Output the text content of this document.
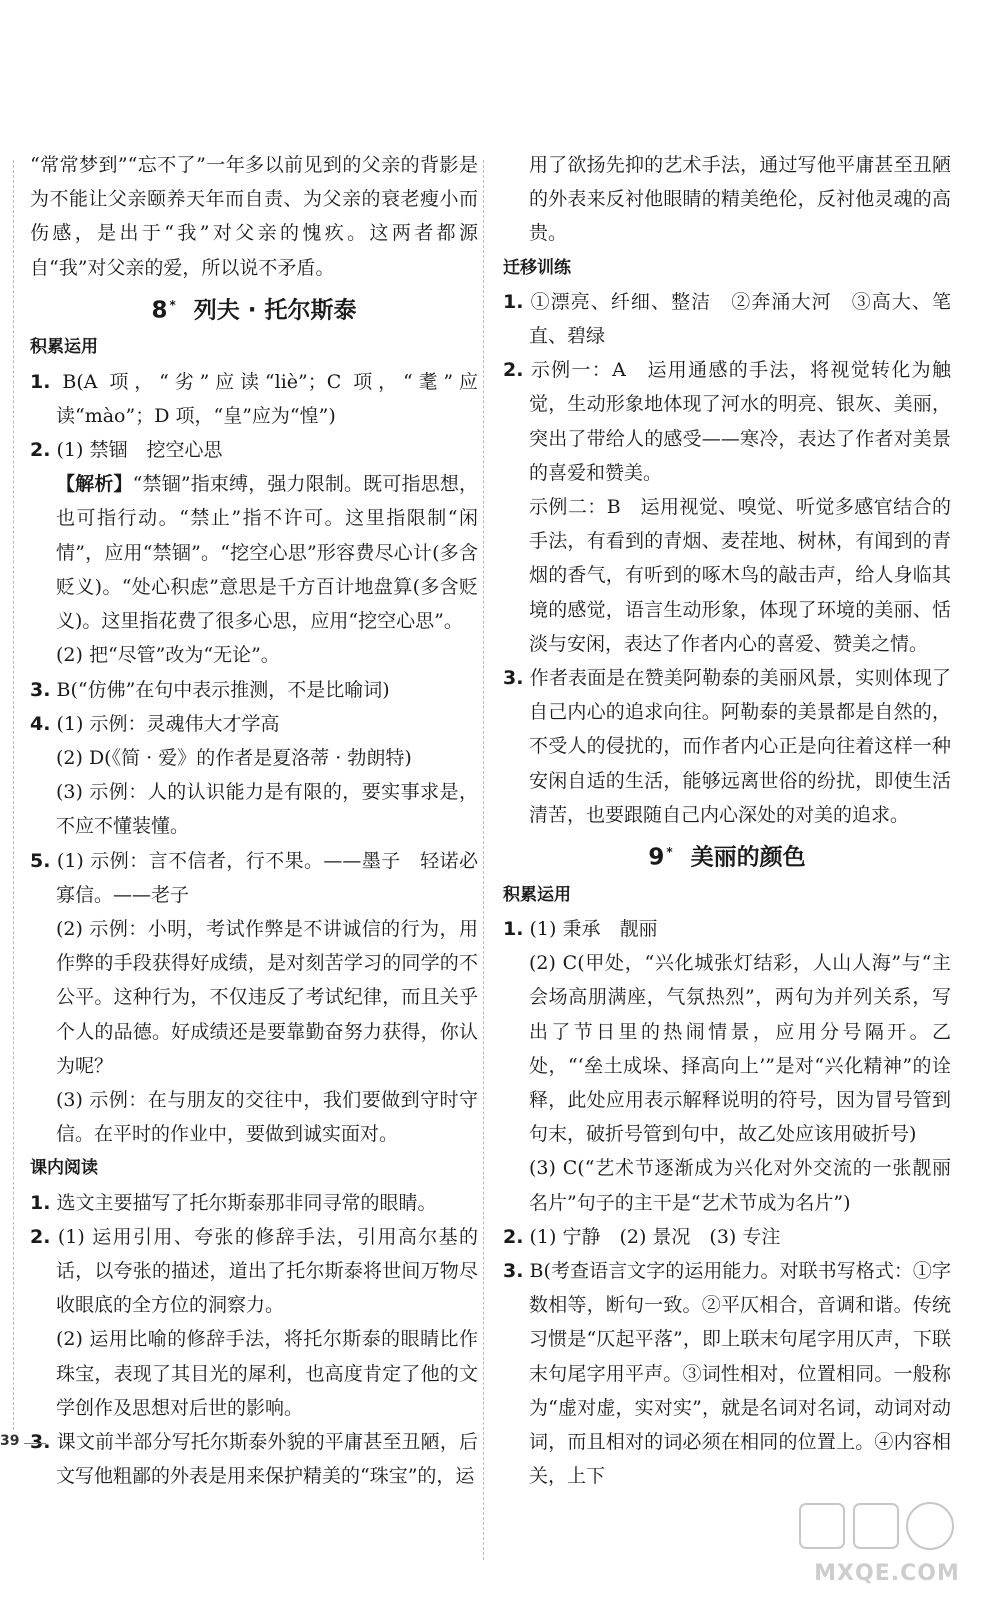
“常常梦到”“忘不了”一年多以前见到的父亲的背影是为不能让父亲颐养天年而自责、为父亲的衰老瘦小而伤感，是出于“我”对父亲的愧疚。这两者都源自“我”对父亲的爱，所以说不矛盾。

8 * 列夫 · 托尔斯泰
积累运用

1. B(A 项，“劣”应读“liè”；C 项，“耄”应读“mào”；D 项，“皇”应为“惶”)

2. (1) 禁锢　挖空心思

【解析】“禁锢”指束缚，强力限制。既可指思想，也可指行动。“禁止”指不许可。这里指限制“闲情”，应用“禁锢”。“挖空心思”形容费尽心计(多含贬义)。“处心积虑”意思是千方百计地盘算(多含贬义)。这里指花费了很多心思，应用“挖空心思”。

(2) 把“尽管”改为“无论”。

3. B(“仿佛”在句中表示推测，不是比喻词)

4. (1) 示例：灵魂伟大才学高

(2) D(《简 · 爱》的作者是夏洛蒂 · 勃朗特)

(3) 示例：人的认识能力是有限的，要实事求是，不应不懂装懂。

5. (1) 示例：言不信者，行不果。——墨子　轻诺必寡信。——老子

(2) 示例：小明，考试作弊是不讲诚信的行为，用作弊的手段获得好成绩，是对刻苦学习的同学的不公平。这种行为，不仅违反了考试纪律，而且关乎个人的品德。好成绩还是要靠勤奋努力获得，你认为呢？

(3) 示例：在与朋友的交往中，我们要做到守时守信。在平时的作业中，要做到诚实面对。

课内阅读

1. 选文主要描写了托尔斯泰那非同寻常的眼睛。

2. (1) 运用引用、夸张的修辞手法，引用高尔基的话，以夸张的描述，道出了托尔斯泰将世间万物尽收眼底的全方位的洞察力。

(2) 运用比喻的修辞手法，将托尔斯泰的眼睛比作珠宝，表现了其目光的犀利，也高度肯定了他的文学创作及思想对后世的影响。

3. 课文前半部分写托尔斯泰外貌的平庸甚至丑陋，后文写他粗鄙的外表是用来保护精美的“珠宝”的，运

用了欲扬先抑的艺术手法，通过写他平庸甚至丑陋的外表来反衬他眼睛的精美绝伦，反衬他灵魂的高贵。

迁移训练

1. ①漂亮、纤细、整洁　②奔涌大河　③高大、笔直、碧绿

2. 示例一：A　运用通感的手法，将视觉转化为触觉，生动形象地体现了河水的明亮、银灰、美丽，突出了带给人的感受——寒冷，表达了作者对美景的喜爱和赞美。

示例二：B　运用视觉、嗅觉、听觉多感官结合的手法，有看到的青烟、麦茬地、树林，有闻到的青烟的香气，有听到的啄木鸟的敲击声，给人身临其境的感觉，语言生动形象，体现了环境的美丽、恬淡与安闲，表达了作者内心的喜爱、赞美之情。

3. 作者表面是在赞美阿勒泰的美丽风景，实则体现了自己内心的追求向往。阿勒泰的美景都是自然的，不受人的侵扰的，而作者内心正是向往着这样一种安闲自适的生活，能够远离世俗的纷扰，即使生活清苦，也要跟随自己内心深处的对美的追求。

9 * 美丽的颜色
积累运用

1. (1) 秉承　靓丽

(2) C(甲处，“兴化城张灯结彩，人山人海”与“主会场高朋满座，气氛热烈”，两句为并列关系，写出了节日里的热闹情景，应用分号隔开。乙处，“‘垒土成垛、择高向上’”是对“兴化精神”的诠释，此处应用表示解释说明的符号，因为冒号管到句末，破折号管到句中，故乙处应该用破折号)

(3) C(“艺术节逐渐成为兴化对外交流的一张靓丽名片”句子的主干是“艺术节成为名片”)

2. (1) 宁静　(2) 景况　(3) 专注

3. B(考查语言文字的运用能力。对联书写格式：①字数相等，断句一致。②平仄相合，音调和谐。传统习惯是“仄起平落”，即上联末句尾字用仄声，下联末句尾字用平声。③词性相对，位置相同。一般称为“虚对虚，实对实”，就是名词对名词，动词对动词，而且相对的词必须在相同的位置上。④内容相关，上下

39
MXQE.COM
